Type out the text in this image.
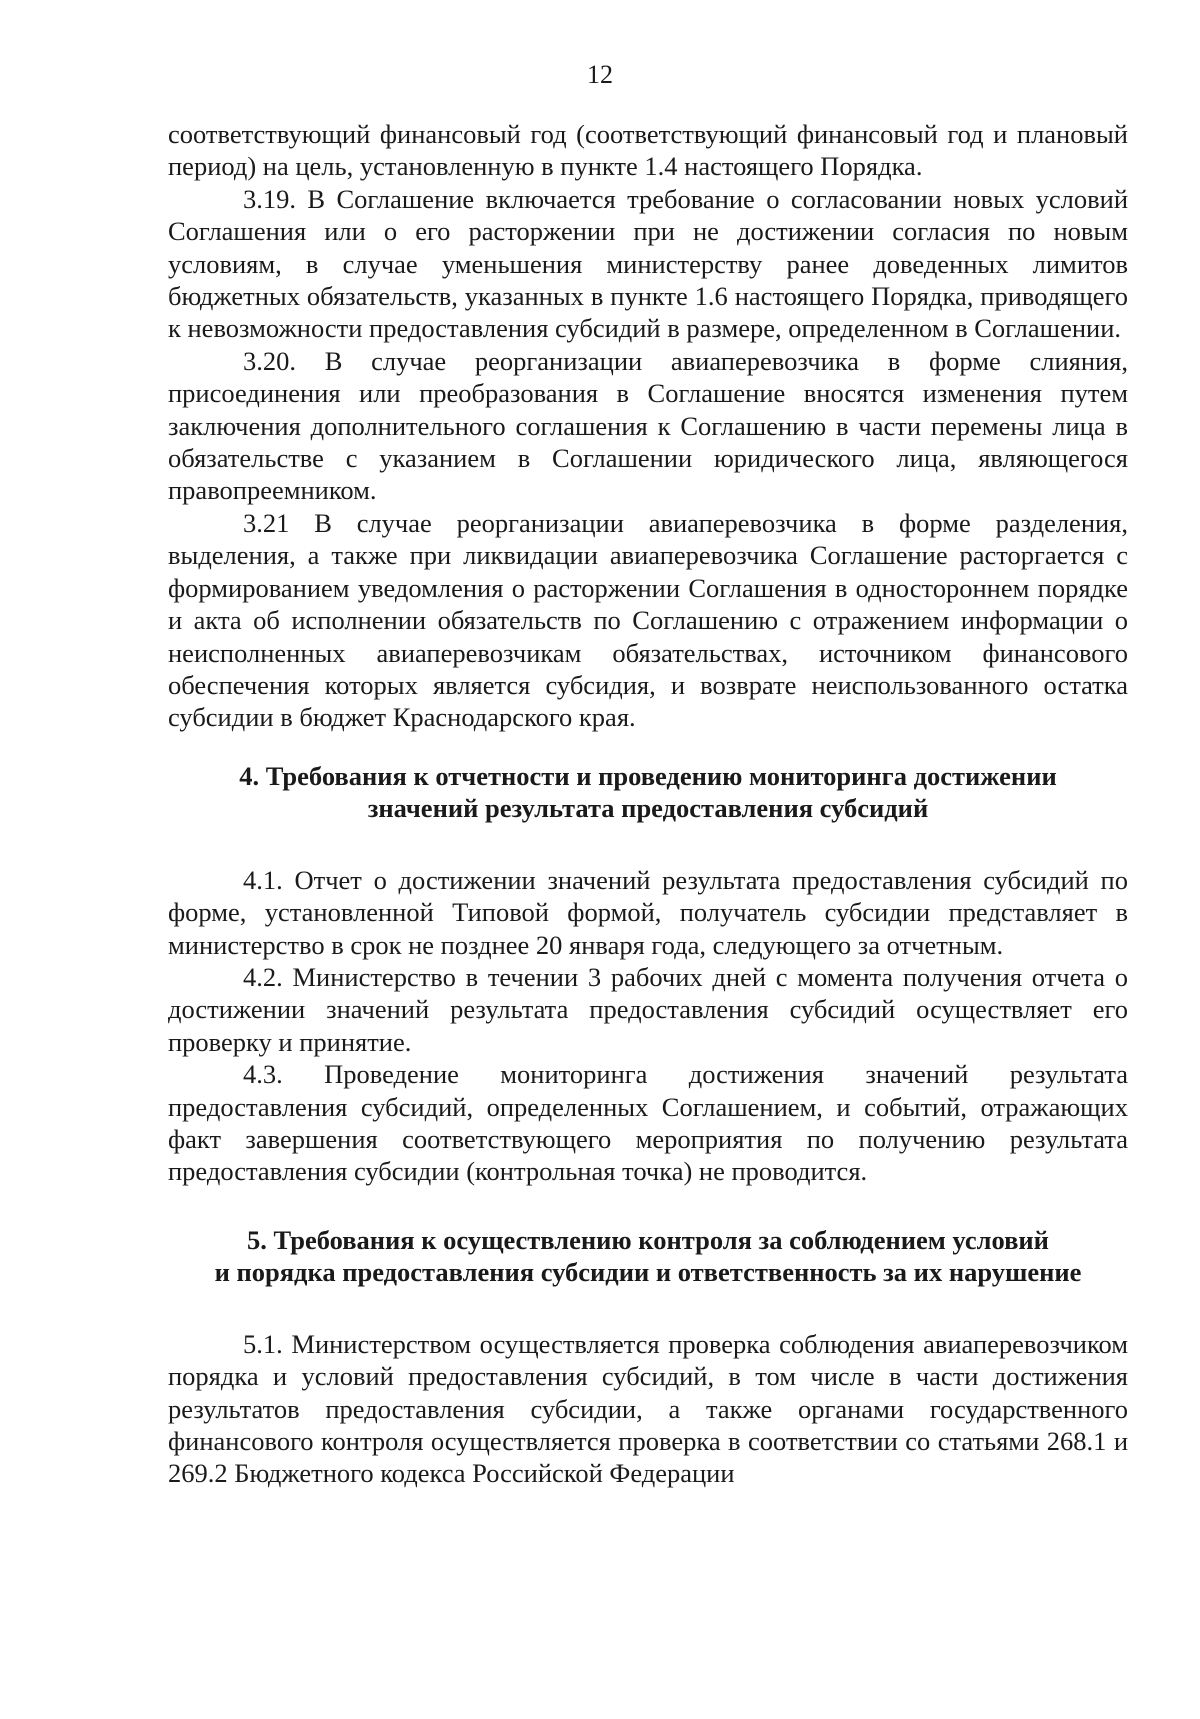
12

соответствующий финансовый год (соответствующий финансовый год и плановый период) на цель, установленную в пункте 1.4 настоящего Порядка.

3.19. В Соглашение включается требование о согласовании новых условий Соглашения или о его расторжении при не достижении согласия по новым условиям, в случае уменьшения министерству ранее доведенных лимитов бюджетных обязательств, указанных в пункте 1.6 настоящего Порядка, приводящего к невозможности предоставления субсидий в размере, определенном в Соглашении.

3.20. В случае реорганизации авиаперевозчика в форме слияния, присоединения или преобразования в Соглашение вносятся изменения путем заключения дополнительного соглашения к Соглашению в части перемены лица в обязательстве с указанием в Соглашении юридического лица, являющегося правопреемником.

3.21 В случае реорганизации авиаперевозчика в форме разделения, выделения, а также при ликвидации авиаперевозчика Соглашение расторгается с формированием уведомления о расторжении Соглашения в одностороннем порядке и акта об исполнении обязательств по Соглашению с отражением информации о неисполненных авиаперевозчикам обязательствах, источником финансового обеспечения которых является субсидия, и возврате неиспользованного остатка субсидии в бюджет Краснодарского края.

4. Требования к отчетности и проведению мониторинга достижении
значений результата предоставления субсидий

4.1. Отчет о достижении значений результата предоставления субсидий по форме, установленной Типовой формой, получатель субсидии представляет в министерство в срок не позднее 20 января года, следующего за отчетным.

4.2. Министерство в течении 3 рабочих дней с момента получения отчета о достижении значений результата предоставления субсидий осуществляет его проверку и принятие.

4.3. Проведение мониторинга достижения значений результата предоставления субсидий, определенных Соглашением, и событий, отражающих факт завершения соответствующего мероприятия по получению результата предоставления субсидии (контрольная точка) не проводится.

5. Требования к осуществлению контроля за соблюдением условий
и порядка предоставления субсидии и ответственность за их нарушение

5.1. Министерством осуществляется проверка соблюдения авиаперевозчиком порядка и условий предоставления субсидий, в том числе в части достижения результатов предоставления субсидии, а также органами государственного финансового контроля осуществляется проверка в соответствии со статьями 268.1 и 269.2 Бюджетного кодекса Российской Федерации
